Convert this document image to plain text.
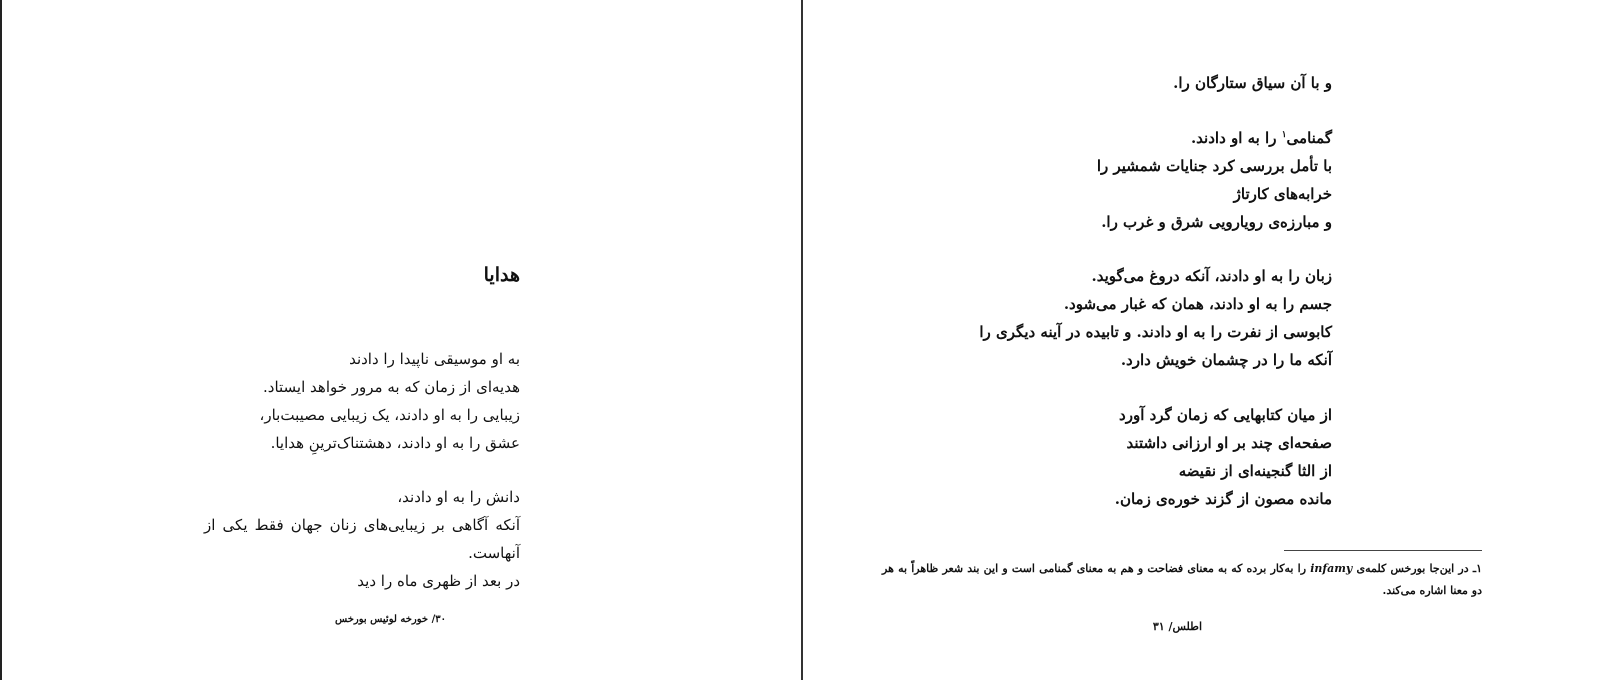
هدایا
به او موسیقی ناپیدا را دادند
هدیه‌ای از زمان که به مرور خواهد ایستاد.
زیبایی را به او دادند، یک زیبایی مصیبت‌بار،
عشق را به او دادند، دهشتناک‌ترینِ هدایا.
دانش را به او دادند،
آنکه آگاهی بر زیبایی‌های زنان جهان فقط یکی از آنهاست.
در بعد از ظهری ماه را دید
۳۰/ خورخه لوئیس بورخس
و با آن سیاق ستارگان را.
گمنامی$^۱$ را به او دادند.
با تأمل بررسی کرد جنایات شمشیر را
خرابه‌های کارتاژ
و مبارزه‌ی رویارویی شرق و غرب را.
زبان را به او دادند، آنکه دروغ می‌گوید.
جسم را به او دادند، همان که غبار می‌شود.
کابوسی از نفرت را به او دادند. و تابیده در آینه دیگری را
آنکه ما را در چشمان خویش دارد.
از میان کتابهایی که زمان گرد آورد
صفحه‌ای چند بر او ارزانی داشتند
از الثا گنجینه‌ای از نقیضه
مانده مصون از گزند خوره‌ی زمان.
۱ـ در این‌جا بورخس کلمه‌ی infamy را به‌کار برده که به معنای فضاحت و هم به معنای گمنامی است و این بند شعر ظاهراً به هر دو معنا اشاره می‌کند.
اطلس/ ۳۱
